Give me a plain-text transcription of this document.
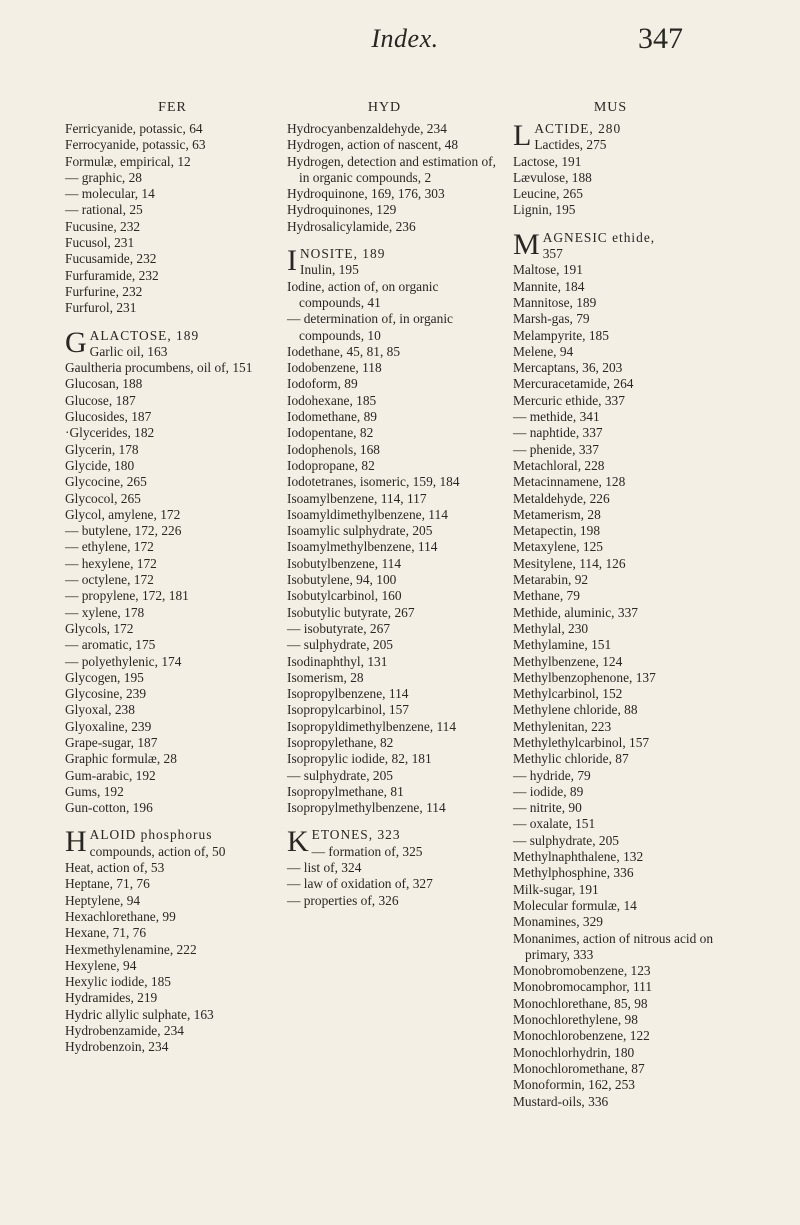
Index.	347
FER
Ferricyanide, potassic, 64
Ferrocyanide, potassic, 63
Formulæ, empirical, 12
— graphic, 28
— molecular, 14
— rational, 25
Fucusine, 232
Fucusol, 231
Fucusamide, 232
Furfuramide, 232
Furfurine, 232
Furfurol, 231
GALACTOSE, 189
Garlic oil, 163
Gaultheria procumbens, oil of, 151
Glucosan, 188
Glucose, 187
Glucosides, 187
·Glycerides, 182
Glycerin, 178
Glycide, 180
Glycocine, 265
Glycocol, 265
Glycol, amylene, 172
— butylene, 172, 226
— ethylene, 172
— hexylene, 172
— octylene, 172
— propylene, 172, 181
— xylene, 178
Glycols, 172
— aromatic, 175
— polyethylenic, 174
Glycogen, 195
Glycosine, 239
Glyoxal, 238
Glyoxaline, 239
Grape-sugar, 187
Graphic formulæ, 28
Gum-arabic, 192
Gums, 192
Gun-cotton, 196
HALOID phosphorus
compounds, action of, 50
Heat, action of, 53
Heptane, 71, 76
Heptylene, 94
Hexachlorethane, 99
Hexane, 71, 76
Hexmethylenamine, 222
Hexylene, 94
Hexylic iodide, 185
Hydramides, 219
Hydric allylic sulphate, 163
Hydrobenzamide, 234
Hydrobenzoin, 234
HYD
Hydrocyanbenzaldehyde, 234
Hydrogen, action of nascent, 48
Hydrogen, detection and estimation of, in organic compounds, 2
Hydroquinone, 169, 176, 303
Hydroquinones, 129
Hydrosalicylamide, 236
INOSITE, 189
Inulin, 195
Iodine, action of, on organic compounds, 41
— determination of, in organic compounds, 10
Iodethane, 45, 81, 85
Iodobenzene, 118
Iodoform, 89
Iodohexane, 185
Iodomethane, 89
Iodopentane, 82
Iodophenols, 168
Iodopropane, 82
Iodotetranes, isomeric, 159, 184
Isoamylbenzene, 114, 117
Isoamyldimethylbenzene, 114
Isoamylic sulphydrate, 205
Isoamylmethylbenzene, 114
Isobutylbenzene, 114
Isobutylene, 94, 100
Isobutylcarbinol, 160
Isobutylic butyrate, 267
— isobutyrate, 267
— sulphydrate, 205
Isodinaphthyl, 131
Isomerism, 28
Isopropylbenzene, 114
Isopropylcarbinol, 157
Isopropyldimethylbenzene, 114
Isopropylethane, 82
Isopropylic iodide, 82, 181
— sulphydrate, 205
Isopropylmethane, 81
Isopropylmethylbenzene, 114
KETONES, 323
— formation of, 325
— list of, 324
— law of oxidation of, 327
— properties of, 326
MUS
LACTIDE, 280
Lactides, 275
Lactose, 191
Lævulose, 188
Leucine, 265
Lignin, 195
MAGNESIC ethide,
357
Maltose, 191
Mannite, 184
Mannitose, 189
Marsh-gas, 79
Melampyrite, 185
Melene, 94
Mercaptans, 36, 203
Mercuracetamide, 264
Mercuric ethide, 337
— methide, 341
— naphtide, 337
— phenide, 337
Metachloral, 228
Metacinnamene, 128
Metaldehyde, 226
Metamerism, 28
Metapectin, 198
Metaxylene, 125
Mesitylene, 114, 126
Metarabin, 92
Methane, 79
Methide, aluminic, 337
Methylal, 230
Methylamine, 151
Methylbenzene, 124
Methylbenzophenone, 137
Methylcarbinol, 152
Methylene chloride, 88
Methylenitan, 223
Methylethylcarbinol, 157
Methylic chloride, 87
— hydride, 79
— iodide, 89
— nitrite, 90
— oxalate, 151
— sulphydrate, 205
Methylnaphthalene, 132
Methylphosphine, 336
Milk-sugar, 191
Molecular formulæ, 14
Monamines, 329
Monanimes, action of nitrous acid on primary, 333
Monobromobenzene, 123
Monobromocamphor, 111
Monochlorethane, 85, 98
Monochlorethylene, 98
Monochlorobenzene, 122
Monochlorhydrin, 180
Monochloromethane, 87
Monoformin, 162, 253
Mustard-oils, 336
